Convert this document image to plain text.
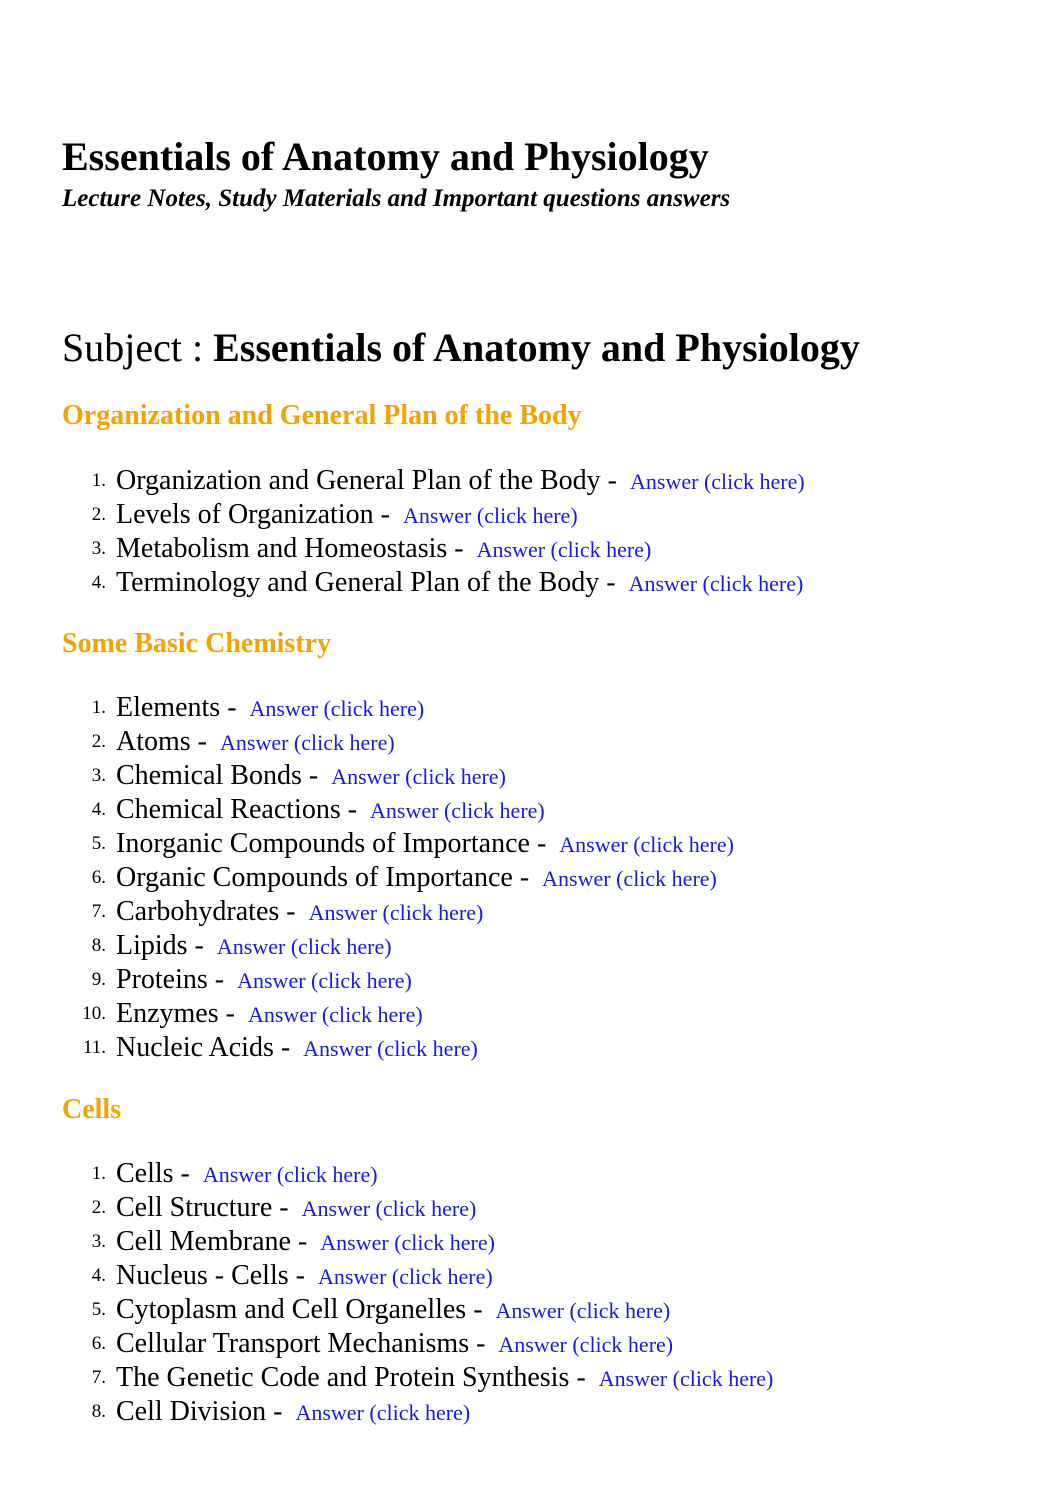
Essentials of Anatomy and Physiology

Lecture Notes, Study Materials and Important questions answers

Subject : Essentials of Anatomy and Physiology
Organization and General Plan of the Body
1. Organization and General Plan of the Body - Answer (click here)
2. Levels of Organization - Answer (click here)
3. Metabolism and Homeostasis - Answer (click here)
4. Terminology and General Plan of the Body - Answer (click here)
Some Basic Chemistry
1. Elements - Answer (click here)
2. Atoms - Answer (click here)
3. Chemical Bonds - Answer (click here)
4. Chemical Reactions - Answer (click here)
5. Inorganic Compounds of Importance - Answer (click here)
6. Organic Compounds of Importance - Answer (click here)
7. Carbohydrates - Answer (click here)
8. Lipids - Answer (click here)
9. Proteins - Answer (click here)
10. Enzymes - Answer (click here)
11. Nucleic Acids - Answer (click here)
Cells
1. Cells - Answer (click here)
2. Cell Structure - Answer (click here)
3. Cell Membrane - Answer (click here)
4. Nucleus - Cells - Answer (click here)
5. Cytoplasm and Cell Organelles - Answer (click here)
6. Cellular Transport Mechanisms - Answer (click here)
7. The Genetic Code and Protein Synthesis - Answer (click here)
8. Cell Division - Answer (click here)
